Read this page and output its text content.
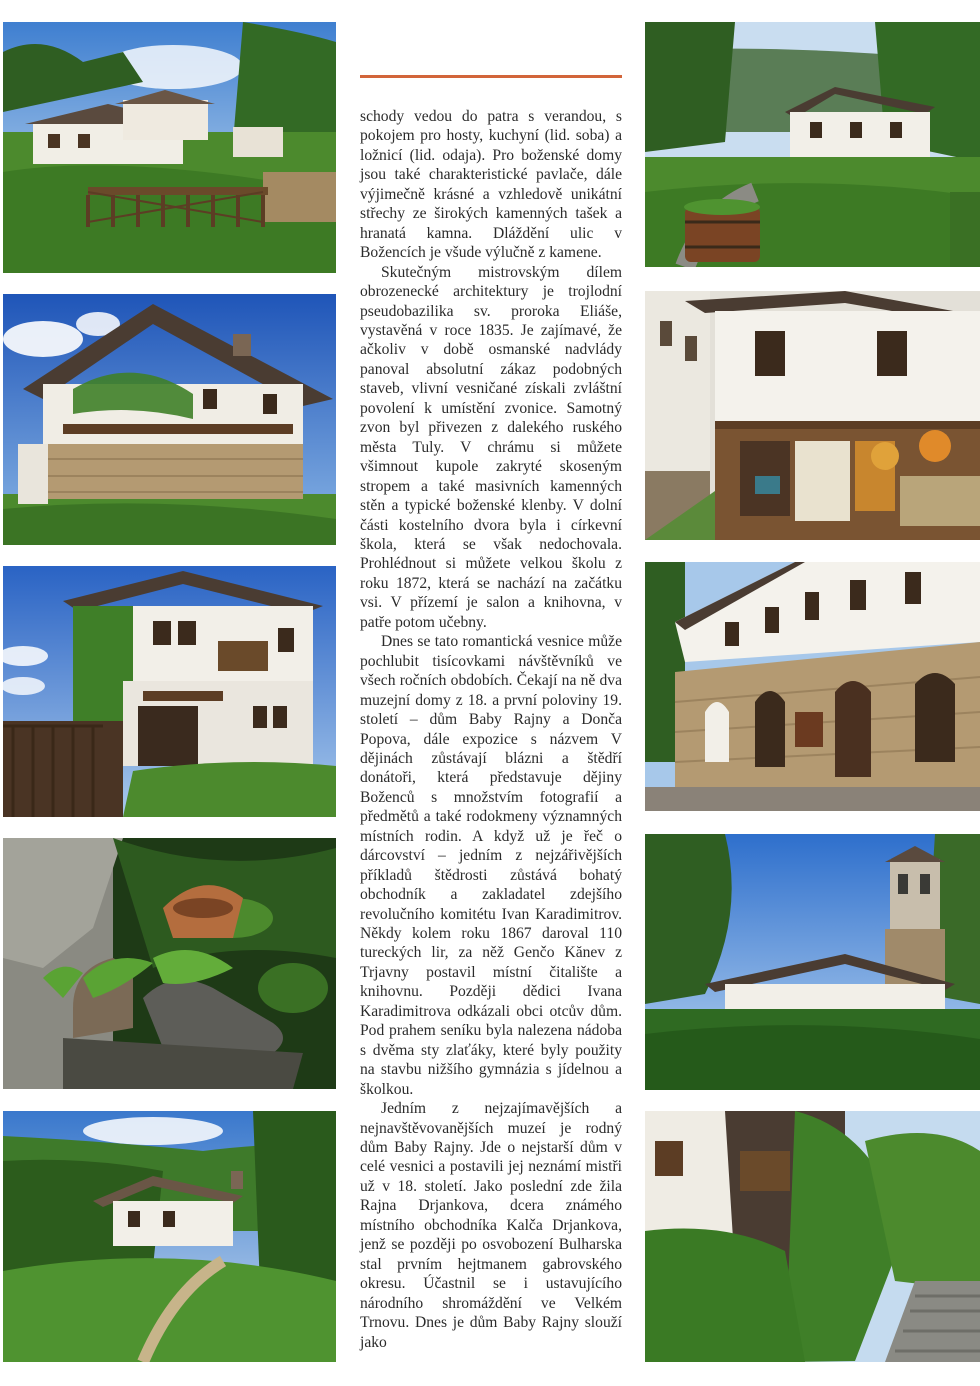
schody vedou do patra s verandou, s pokojem pro hosty, kuchyní (lid. soba) a ložnicí (lid. odaja). Pro boženské domy jsou také charakteristické pavlače, dále výjimečně krásné a vzhledově unikátní střechy ze širokých kamenných tašek a hranatá kamna. Dláždění ulic v Božencích je všude výlučně z kamene.

Skutečným mistrovským dílem obrozenecké architektury je trojlodní pseudobazilika sv. proroka Eliáše, vystavěná v roce 1835. Je zajímavé, že ačkoliv v době osmanské nadvlády panoval absolutní zákaz podobných staveb, vlivní vesničané získali zvláštní povolení k umístění zvonice. Samotný zvon byl přivezen z dalekého ruského města Tuly. V chrámu si můžete všimnout kupole zakryté skoseným stropem a také masivních kamenných stěn a typické boženské klenby. V dolní části kostelního dvora byla i církevní škola, která se však nedochovala. Prohlédnout si můžete velkou školu z roku 1872, která se nachází na začátku vsi. V přízemí je salon a knihovna, v patře potom učebny.

Dnes se tato romantická vesnice může pochlubit tisícovkami návštěvníků ve všech ročních obdobích. Čekají na ně dva muzejní domy z 18. a první poloviny 19. století – dům Baby Rajny a Donča Popova, dále expozice s názvem V dějinách zůstávají blázni a štědří donátoři, která představuje dějiny Boženců s množstvím fotografií a předmětů a také rodokmeny významných místních rodin. A když už je řeč o dárcovství – jedním z nejzářivějších příkladů štědrosti zůstává bohatý obchodník a zakladatel zdejšího revolučního komitétu Ivan Karadimitrov. Někdy kolem roku 1867 daroval 110 tureckých lir, za něž Genčo Kănev z Trjavny postavil místní čitalište a knihovnu. Později dědici Ivana Karadimitrova odkázali obci otcův dům. Pod prahem seníku byla nalezena nádoba s dvěma sty zlaťáky, které byly použity na stavbu nižšího gymnázia s jídelnou a školkou.

Jedním z nejzajímavějších a nejnavštěvovanějších muzeí je rodný dům Baby Rajny. Jde o nejstarší dům v celé vesnici a postavili jej neznámí mistři už v 18. století. Jako poslední zde žila Rajna Drjankova, dcera známého místního obchodníka Kalča Drjankova, jenž se později po osvobození Bulharska stal prvním hejtmanem gabrovského okresu. Účastnil se i ustavujícího národního shromáždění ve Velkém Trnovu. Dnes je dům Baby Rajny slouží jako
